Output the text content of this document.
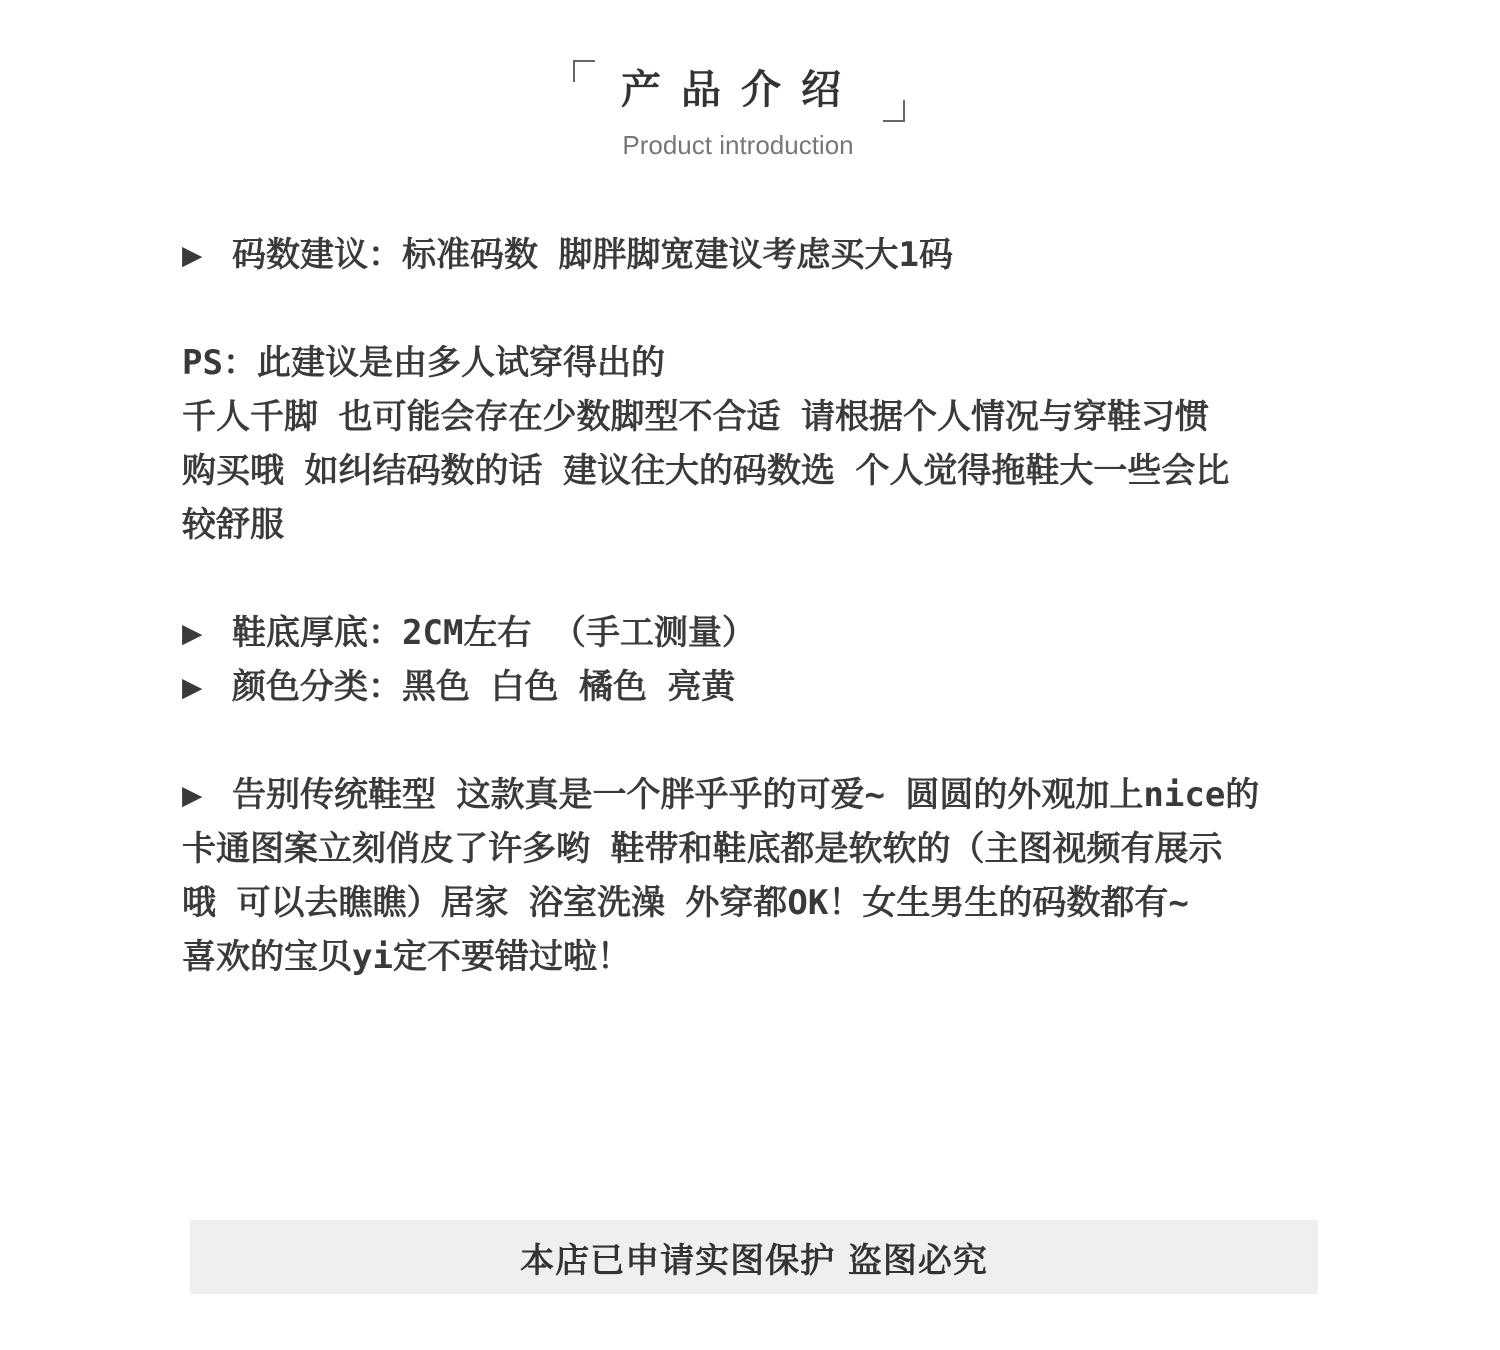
产品介绍
Product introduction
▶ 码数建议：标准码数 脚胖脚宽建议考虑买大1码
PS：此建议是由多人试穿得出的
千人千脚 也可能会存在少数脚型不合适 请根据个人情况与穿鞋习惯
购买哦 如纠结码数的话 建议往大的码数选 个人觉得拖鞋大一些会比
较舒服
▶ 鞋底厚底：2CM左右 （手工测量）
▶ 颜色分类：黑色 白色 橘色 亮黄
▶ 告别传统鞋型 这款真是一个胖乎乎的可爱~ 圆圆的外观加上nice的
卡通图案立刻俏皮了许多哟 鞋带和鞋底都是软软的（主图视频有展示
哦 可以去瞧瞧）居家 浴室洗澡 外穿都OK！女生男生的码数都有~
喜欢的宝贝yi定不要错过啦！
本店已申请实图保护 盗图必究
